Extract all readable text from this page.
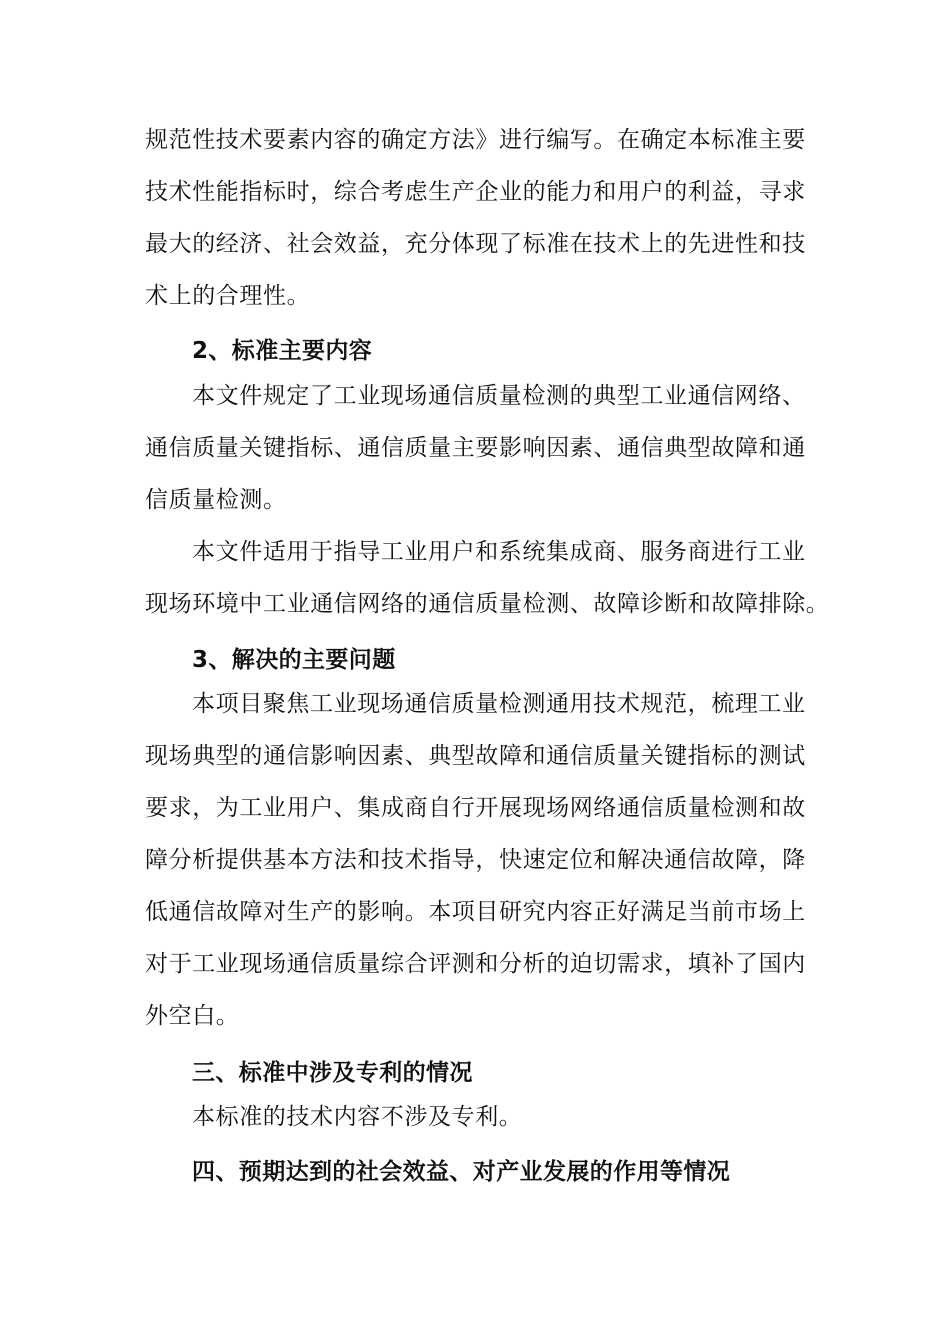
规范性技术要素内容的确定方法》进行编写。在确定本标准主要
技术性能指标时，综合考虑生产企业的能力和用户的利益，寻求
最大的经济、社会效益，充分体现了标准在技术上的先进性和技
术上的合理性。
2、标准主要内容
本文件规定了工业现场通信质量检测的典型工业通信网络、
通信质量关键指标、通信质量主要影响因素、通信典型故障和通
信质量检测。
本文件适用于指导工业用户和系统集成商、服务商进行工业
现场环境中工业通信网络的通信质量检测、故障诊断和故障排除。
3、解决的主要问题
本项目聚焦工业现场通信质量检测通用技术规范，梳理工业
现场典型的通信影响因素、典型故障和通信质量关键指标的测试
要求，为工业用户、集成商自行开展现场网络通信质量检测和故
障分析提供基本方法和技术指导，快速定位和解决通信故障，降
低通信故障对生产的影响。本项目研究内容正好满足当前市场上
对于工业现场通信质量综合评测和分析的迫切需求，填补了国内
外空白。
三、标准中涉及专利的情况
本标准的技术内容不涉及专利。
四、预期达到的社会效益、对产业发展的作用等情况
